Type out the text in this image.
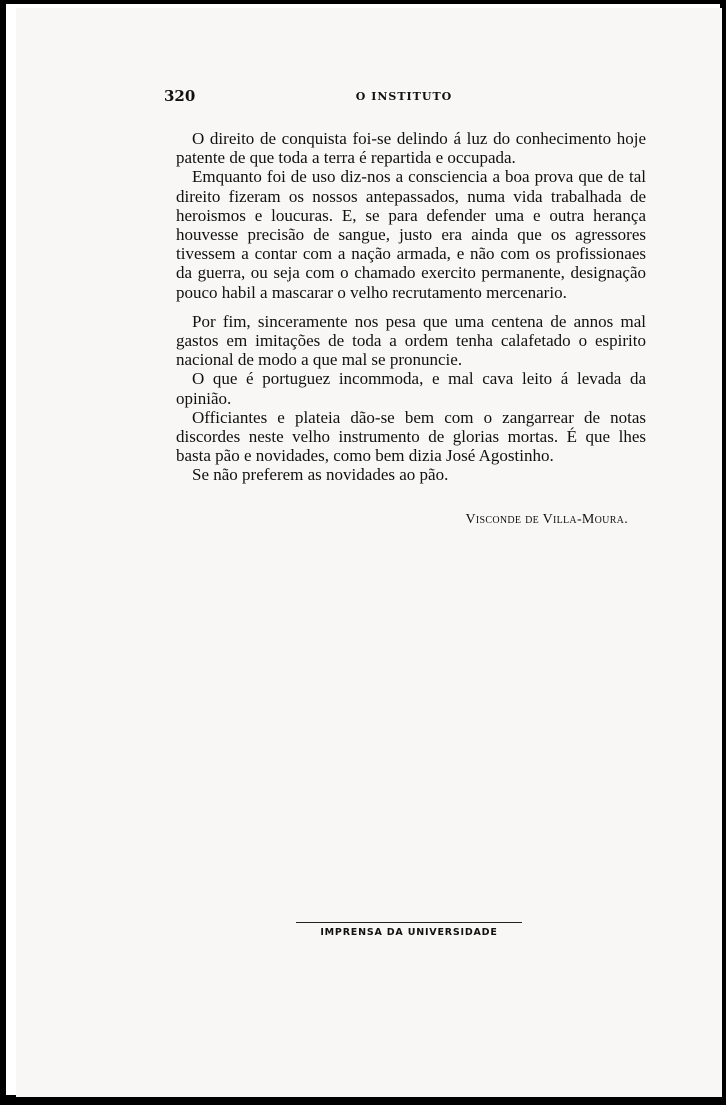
320	O INSTITUTO

O direito de conquista foi-se delindo á luz do conhecimento hoje patente de que toda a terra é repartida e occupada.

Emquanto foi de uso diz-nos a consciencia a boa prova que de tal direito fizeram os nossos antepassados, numa vida trabalhada de heroismos e loucuras. E, se para defender uma e outra herança houvesse precisão de sangue, justo era ainda que os agressores tivessem a contar com a nação armada, e não com os profissionaes da guerra, ou seja com o chamado exercito permanente, designação pouco habil a mascarar o velho recrutamento mercenario.

Por fim, sinceramente nos pesa que uma centena de annos mal gastos em imitações de toda a ordem tenha calafetado o espirito nacional de modo a que mal se pronuncie.

O que é portuguez incommoda, e mal cava leito á levada da opinião.

Officiantes e plateia dão-se bem com o zangarrear de notas discordes neste velho instrumento de glorias mortas. É que lhes basta pão e novidades, como bem dizia José Agostinho.

Se não preferem as novidades ao pão.

Visconde de Villa-Moura.
IMPRENSA DA UNIVERSIDADE
